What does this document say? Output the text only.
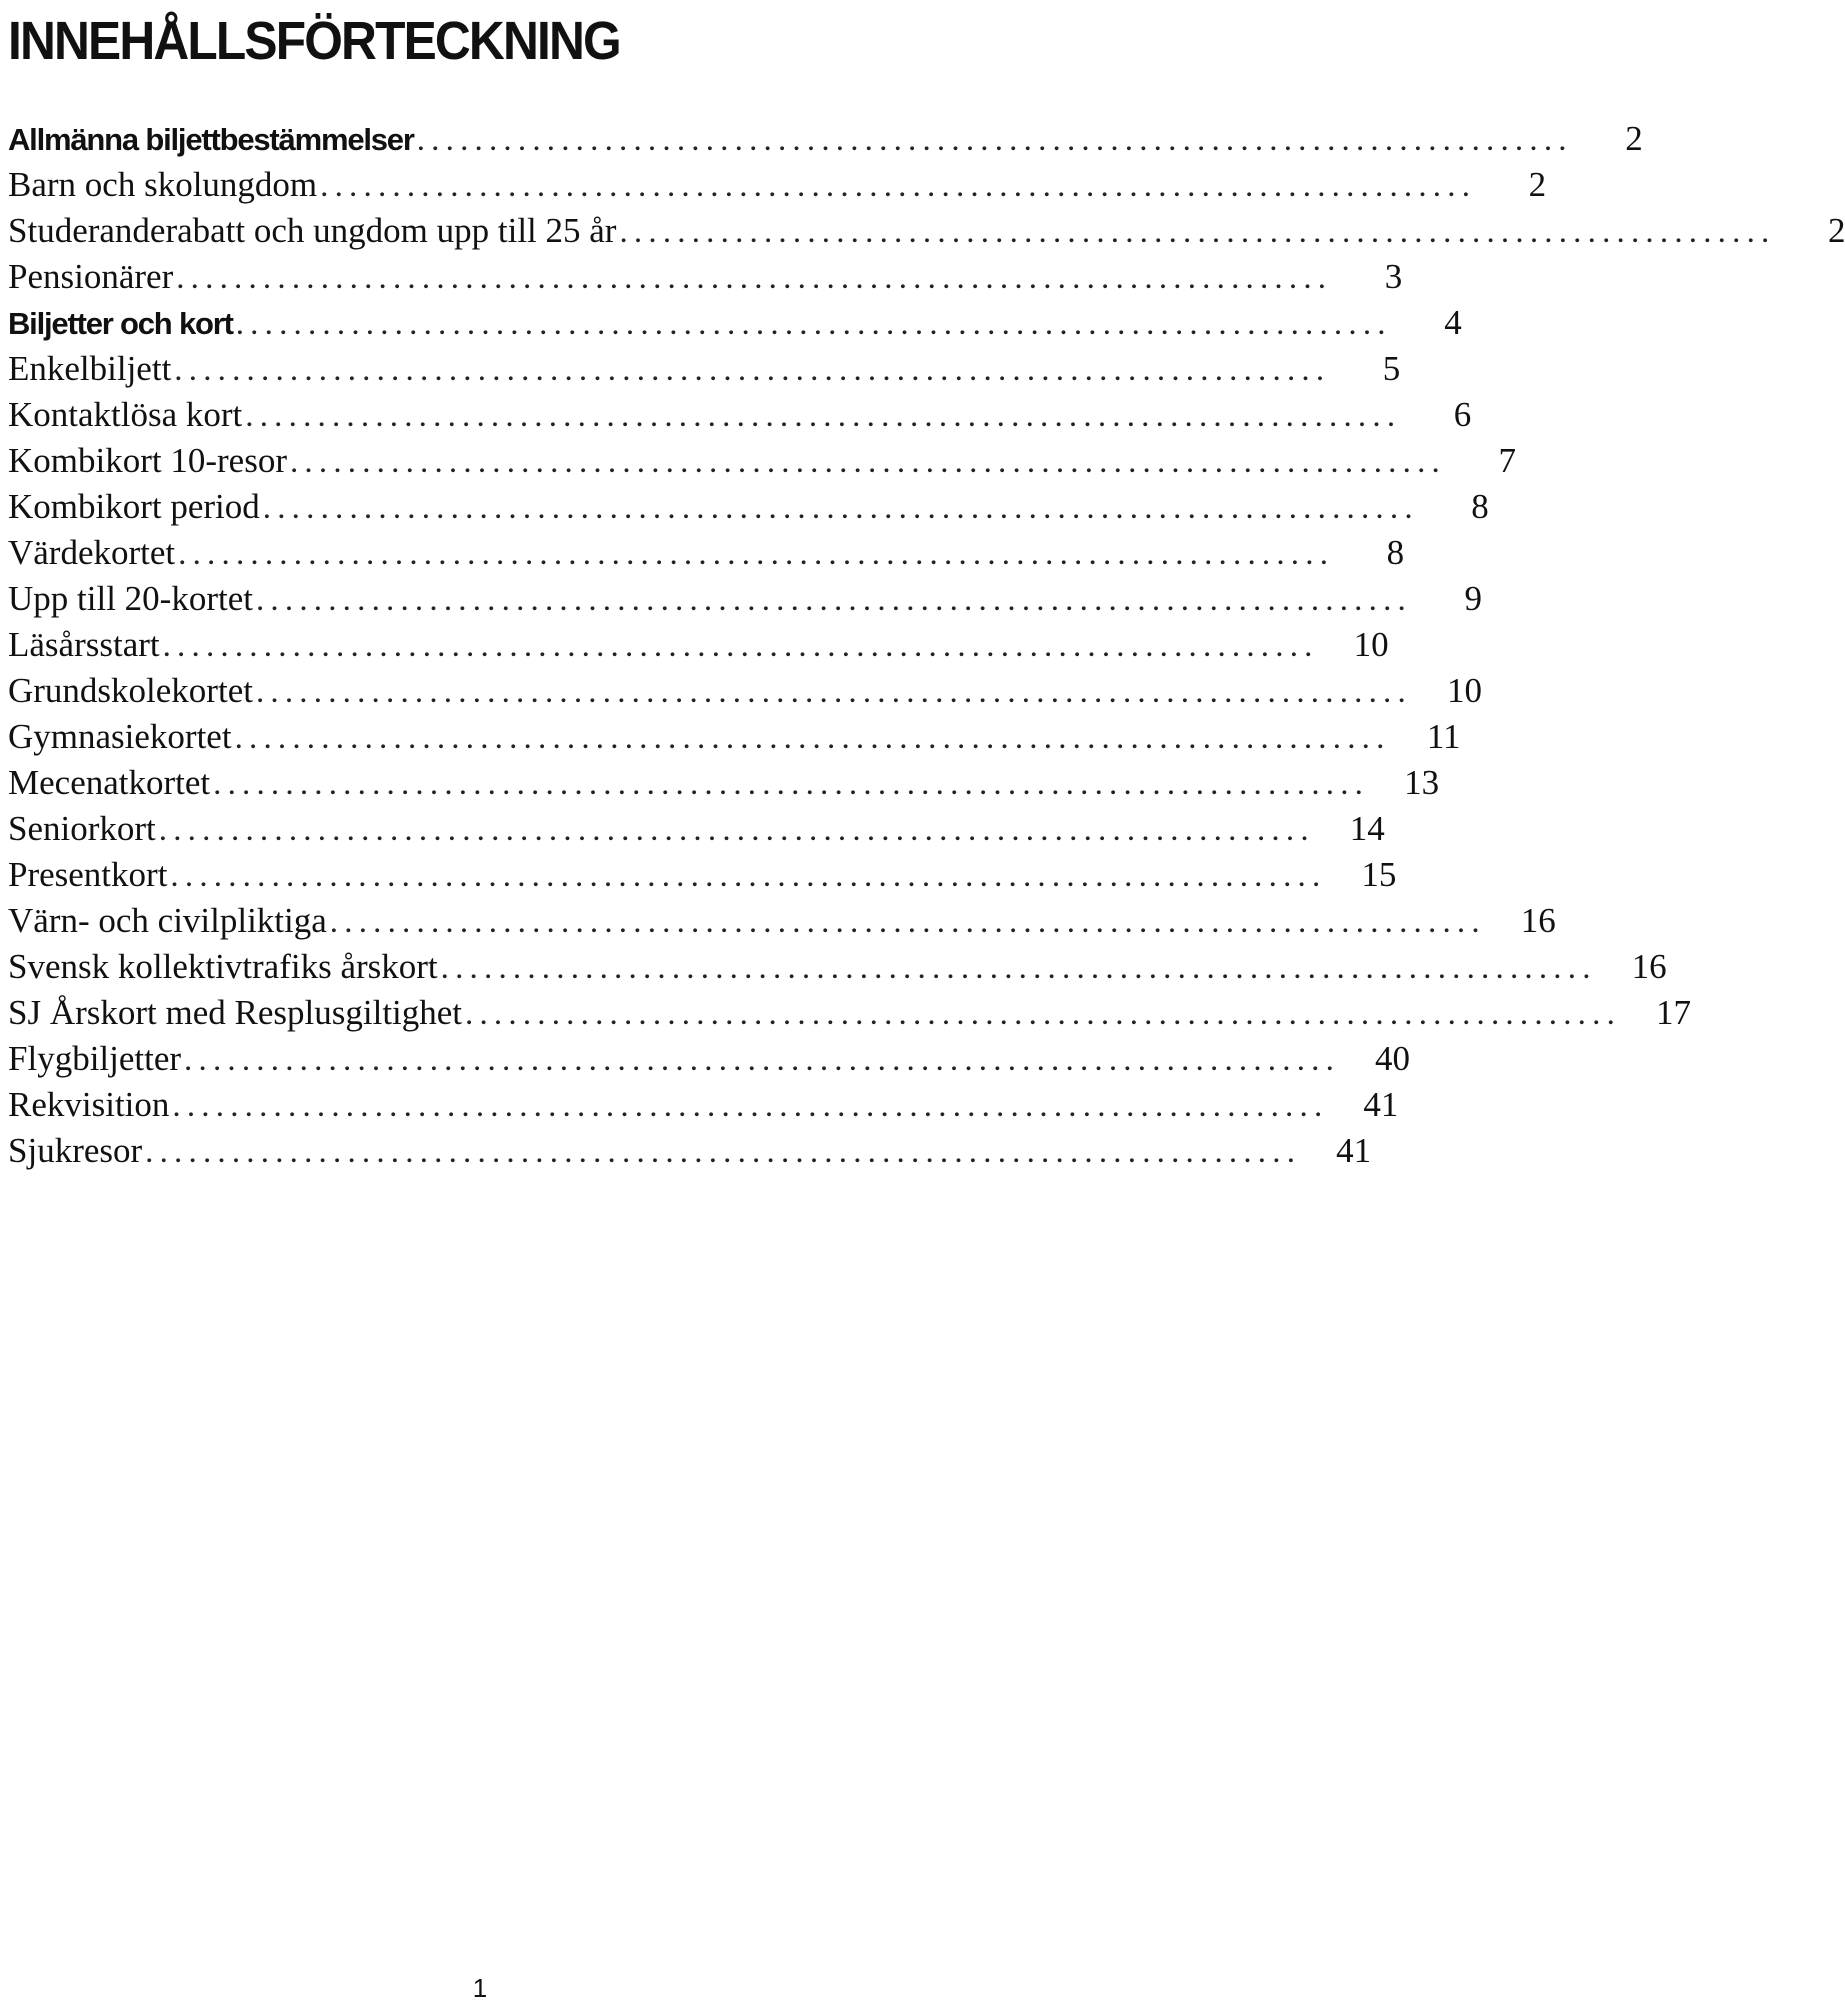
INNEHÅLLSFÖRTECKNING
Allmänna biljettbestämmelser ................................................................................	2
Barn och skolungdom ................................................................................	2
Studeranderabatt och ungdom upp till 25 år ................................................................................	2
Pensionärer ................................................................................	3
Biljetter och kort ................................................................................	4
Enkelbiljett ................................................................................	5
Kontaktlösa kort ................................................................................	6
Kombikort 10-resor ................................................................................	7
Kombikort period ................................................................................	8
Värdekortet ................................................................................	8
Upp till 20-kortet ................................................................................	9
Läsårsstart ................................................................................ 10
Grundskolekortet ................................................................................ 10
Gymnasiekortet ................................................................................ 11
Mecenatkortet ................................................................................ 13
Seniorkort ................................................................................ 14
Presentkort ................................................................................ 15
Värn- och civilpliktiga ................................................................................ 16
Svensk kollektivtrafiks årskort ................................................................................ 16
SJ Årskort med Resplusgiltighet ................................................................................ 17
Flygbiljetter ................................................................................ 40
Rekvisition ................................................................................ 41
Sjukresor ................................................................................ 41
1
